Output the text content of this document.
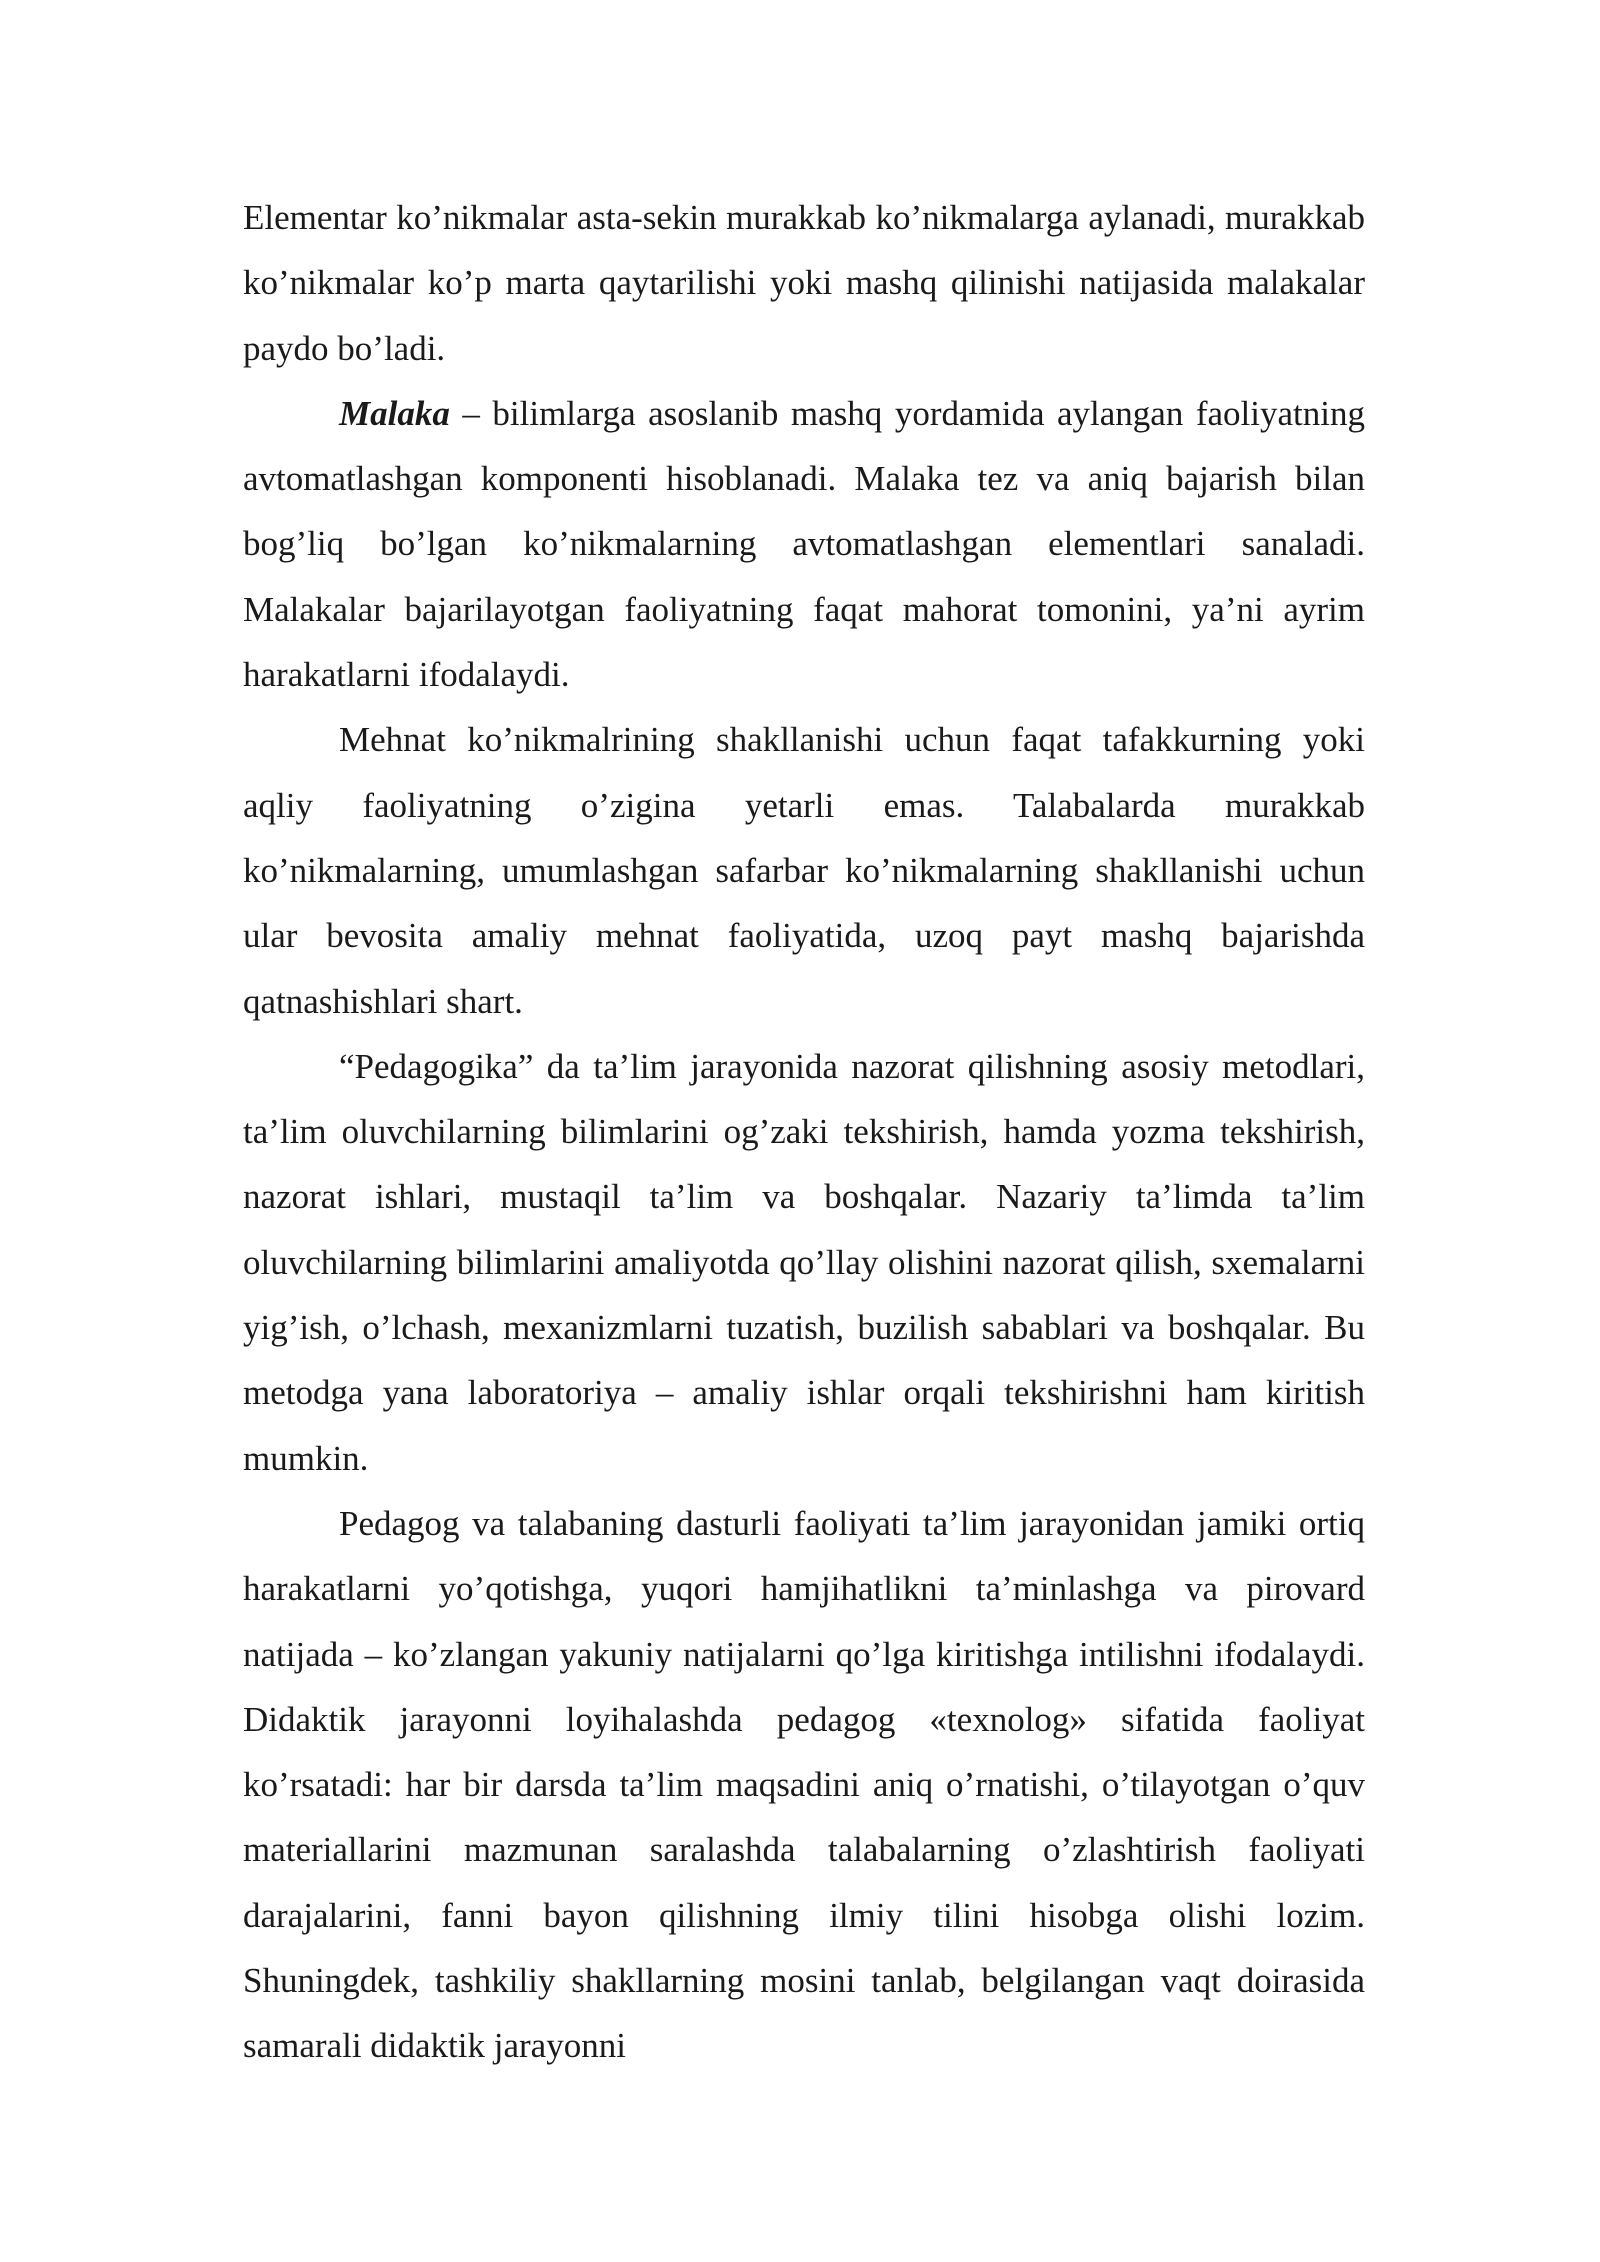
Elementar ko’nikmalar asta-sekin murakkab ko’nikmalarga aylanadi, murakkab ko’nikmalar ko’p marta qaytarilishi yoki mashq qilinishi natijasida malakalar paydo bo’ladi.

Malaka – bilimlarga asoslanib mashq yordamida aylangan faoliyatning avtomatlashgan komponenti hisoblanadi. Malaka tez va aniq bajarish bilan bog’liq bo’lgan ko’nikmalarning avtomatlashgan elementlari sanaladi. Malakalar bajarilayotgan faoliyatning faqat mahorat tomonini, ya’ni ayrim harakatlarni ifodalaydi.

Mehnat ko’nikmalrining shakllanishi uchun faqat tafakkurning yoki aqliy faoliyatning o’zigina yetarli emas. Talabalarda murakkab ko’nikmalarning, umumlashgan safarbar ko’nikmalarning shakllanishi uchun ular bevosita amaliy mehnat faoliyatida, uzoq payt mashq bajarishda qatnashishlari shart.

“Pedagogika” da ta’lim jarayonida nazorat qilishning asosiy metodlari, ta’lim oluvchilarning bilimlarini og’zaki tekshirish, hamda yozma tekshirish, nazorat ishlari, mustaqil ta’lim va boshqalar. Nazariy ta’limda ta’lim oluvchilarning bilimlarini amaliyotda qo’llay olishini nazorat qilish, sxemalarni yig’ish, o’lchash, mexanizmlarni tuzatish, buzilish sabablari va boshqalar. Bu metodga yana laboratoriya – amaliy ishlar orqali tekshirishni ham kiritish mumkin.

Pedagog va talabaning dasturli faoliyati ta’lim jarayonidan jamiki ortiq harakatlarni yo’qotishga, yuqori hamjihatlikni ta’minlashga va pirovard natijada – ko’zlangan yakuniy natijalarni qo’lga kiritishga intilishni ifodalaydi. Didaktik jarayonni loyihalashda pedagog «texnolog» sifatida faoliyat ko’rsatadi: har bir darsda ta’lim maqsadini aniq o’rnatishi, o’tilayotgan o’quv materiallarini mazmunan saralashda talabalarning o’zlashtirish faoliyati darajalarini, fanni bayon qilishning ilmiy tilini hisobga olishi lozim. Shuningdek, tashkiliy shakllarning mosini tanlab, belgilangan vaqt doirasida samarali didaktik jarayonni
